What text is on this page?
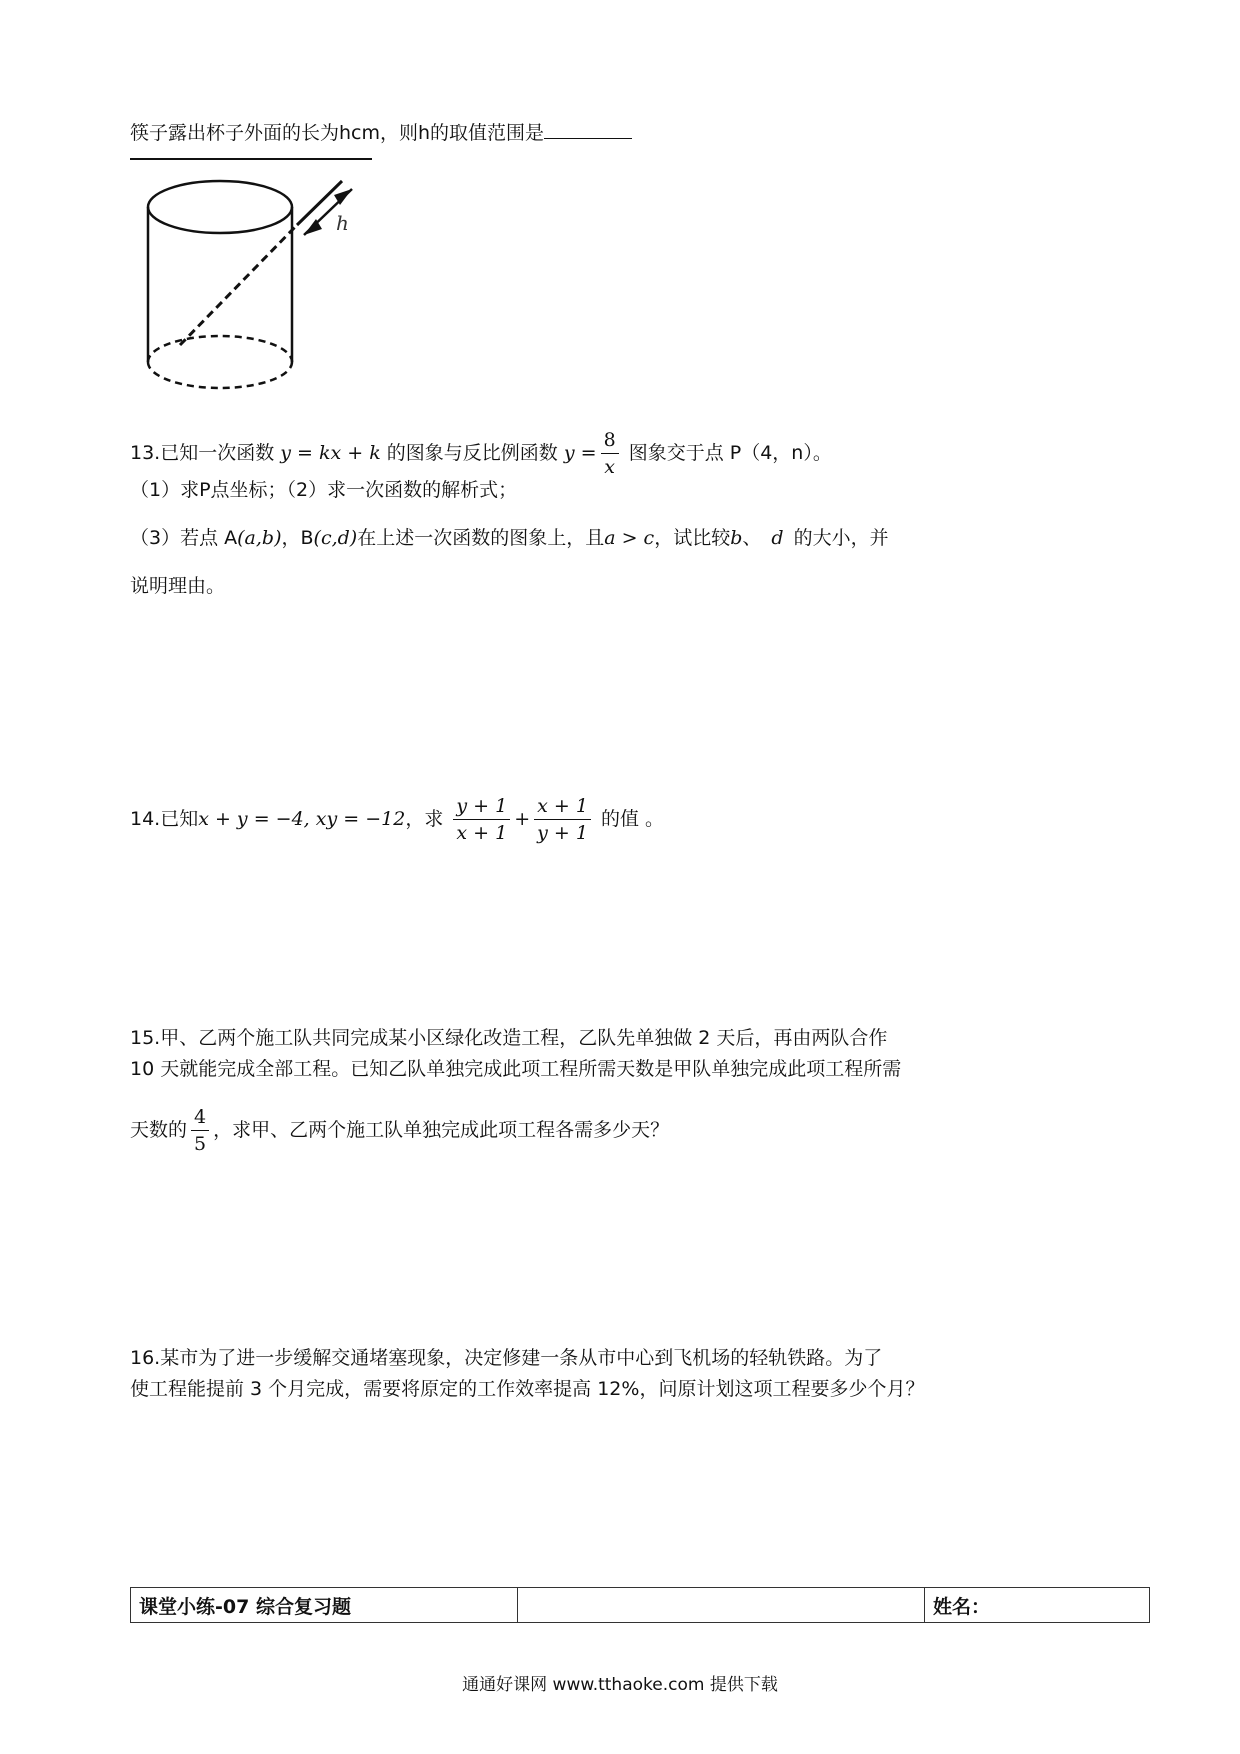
筷子露出杯子外面的长为hcm，则h的取值范围是
h
13.已知一次函数 y = kx + k 的图象与反比例函数 $y = \frac{8}{x}$ 图象交于点 P（4，n）。
（1）求P点坐标；（2）求一次函数的解析式；
（3）若点 A(a,b)，B(c,d)在上述一次函数的图象上，且a > c，试比较b、 d 的大小，并
说明理由。
14.已知x + y = −4, xy = −12，求 $\frac{y + 1}{x + 1} + \frac{x + 1}{y + 1}$ 的值 。
15.甲、乙两个施工队共同完成某小区绿化改造工程，乙队先单独做 2 天后，再由两队合作
10 天就能完成全部工程。已知乙队单独完成此项工程所需天数是甲队单独完成此项工程所需
天数的 $\frac{4}{5}$ ，求甲、乙两个施工队单独完成此项工程各需多少天？
16.某市为了进一步缓解交通堵塞现象，决定修建一条从市中心到飞机场的轻轨铁路。为了
使工程能提前 3 个月完成，需要将原定的工作效率提高 12%，问原计划这项工程要多少个月？
课堂小练-07 综合复习题		姓名：
通通好课网 www.tthaoke.com 提供下载
